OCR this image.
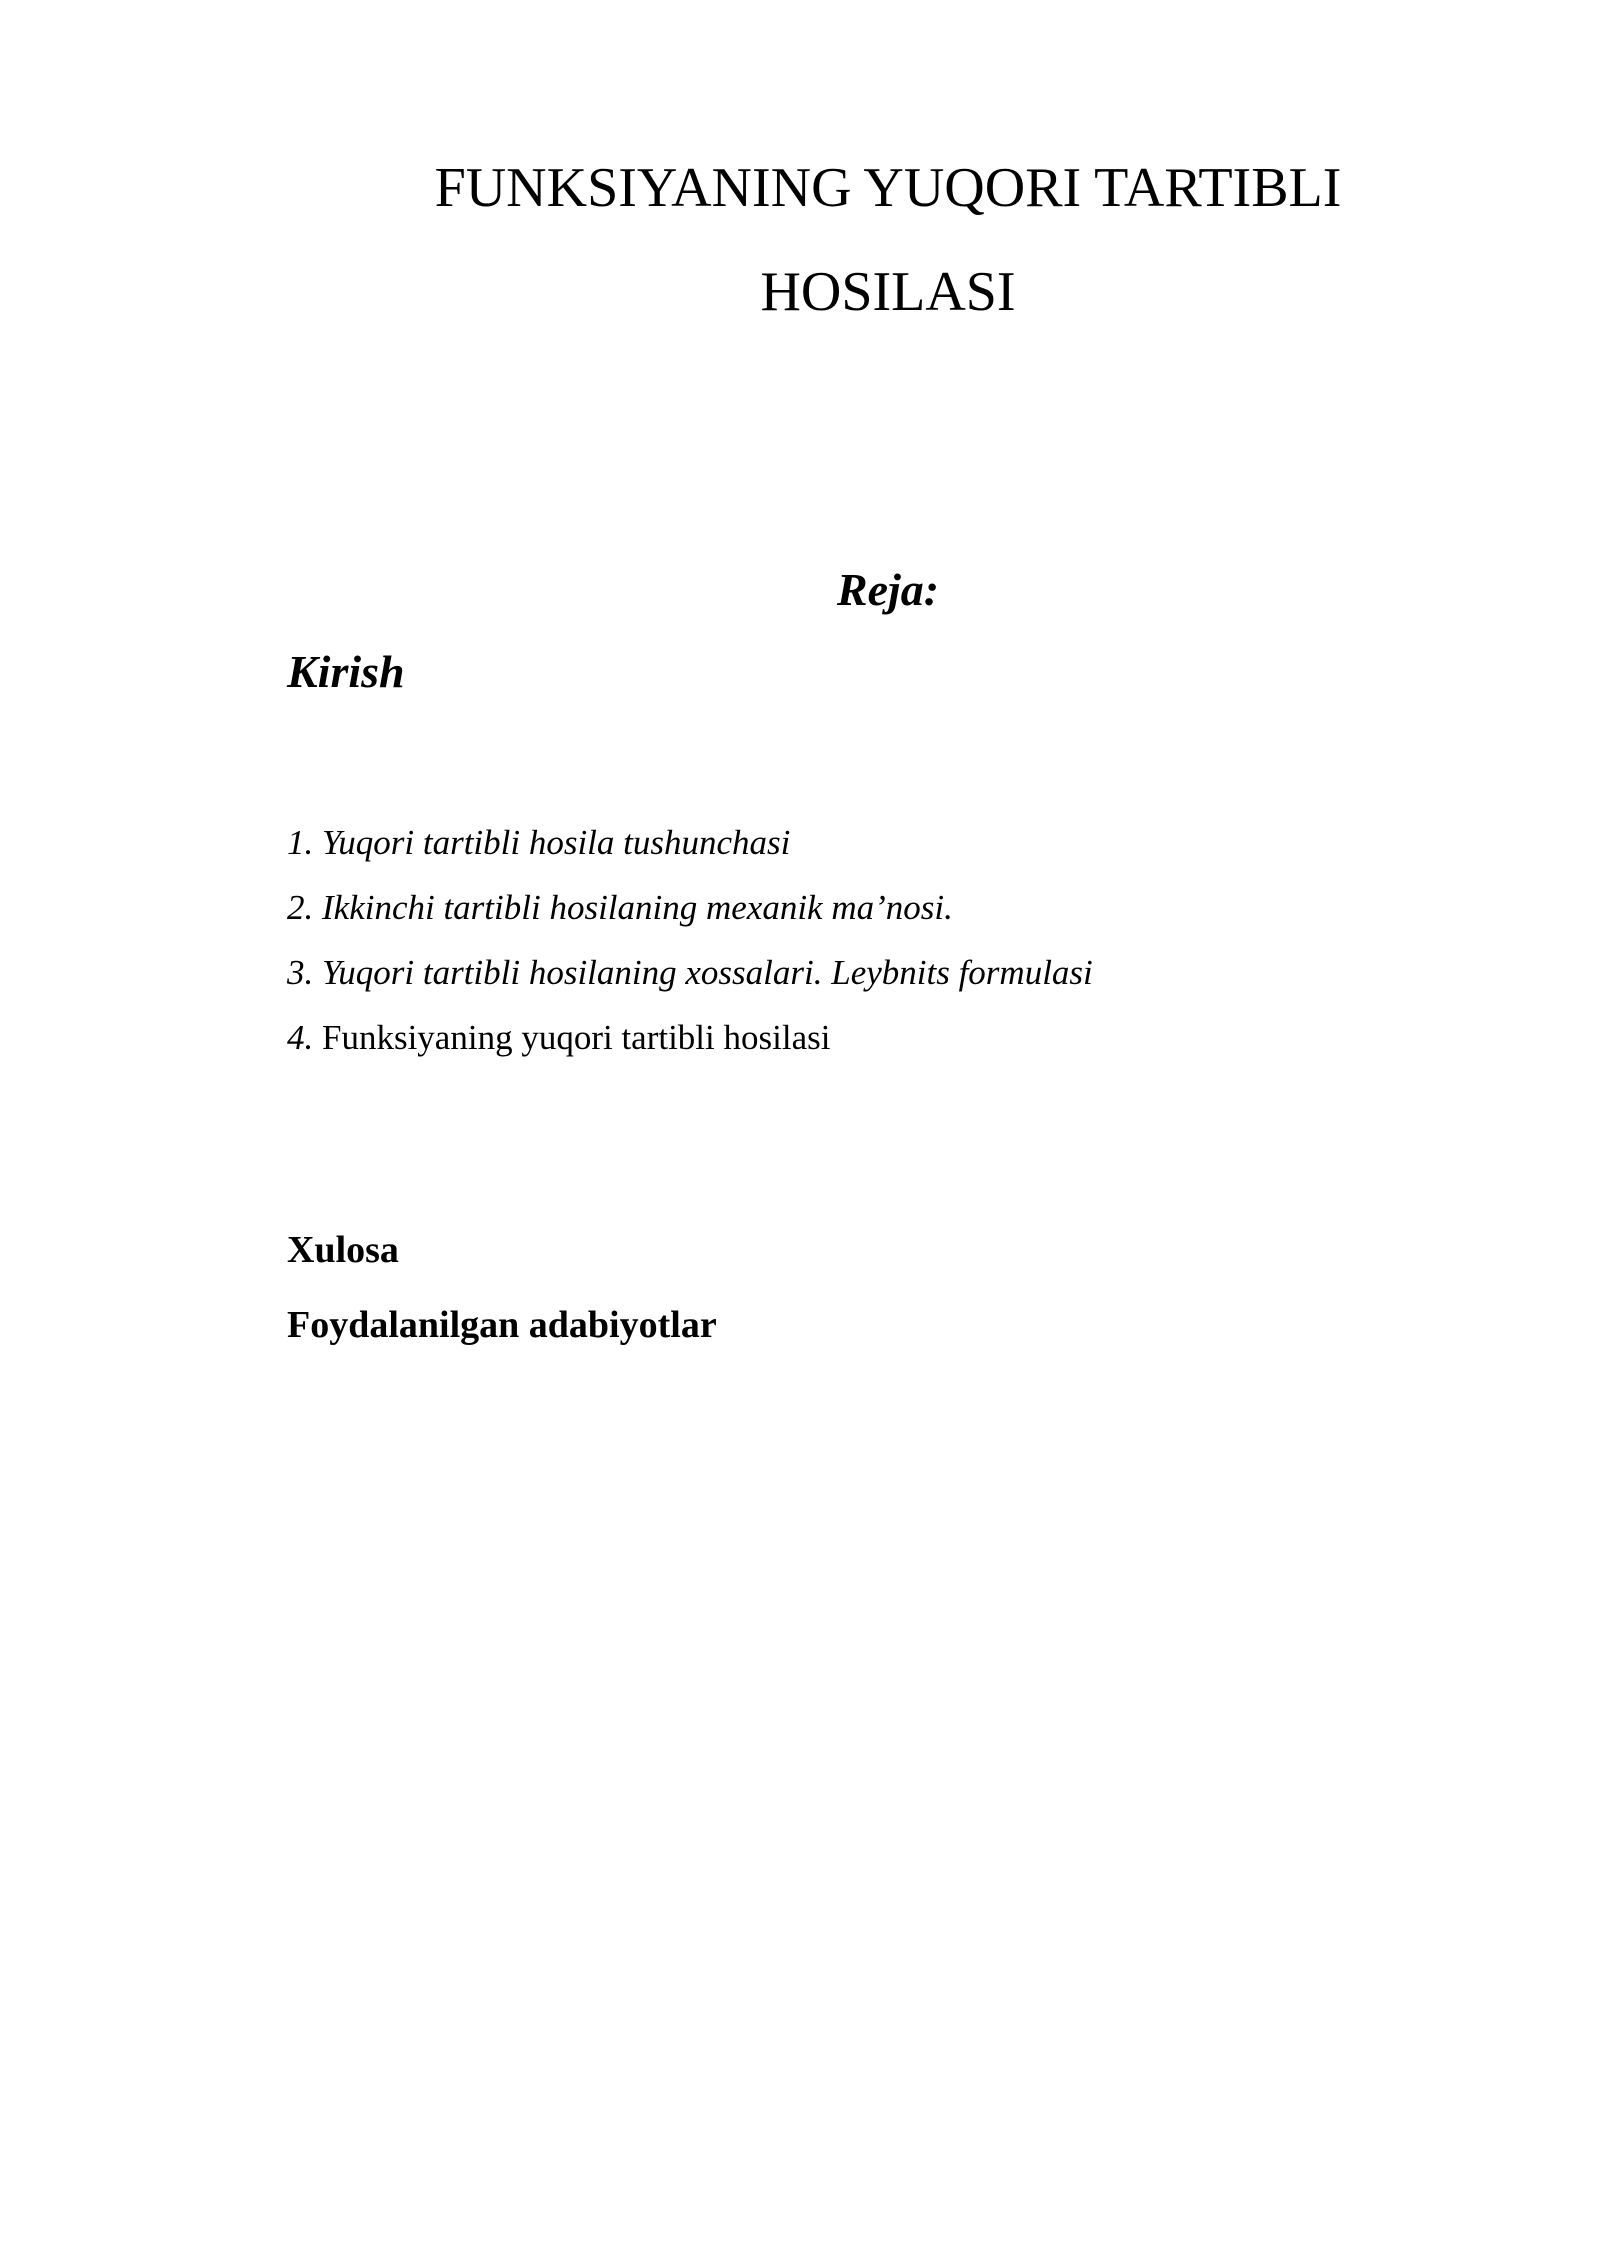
FUNKSIYANING YUQORI TARTIBLI
HOSILASI
Reja:
Kirish
1. Yuqori tartibli hosila tushunchasi
2. Ikkinchi tartibli hosilaning mexanik ma’nosi.
3. Yuqori tartibli hosilaning xossalari. Leybnits formulasi
4. Funksiyaning yuqori tartibli hosilasi
Xulosa
Foydalanilgan adabiyotlar
